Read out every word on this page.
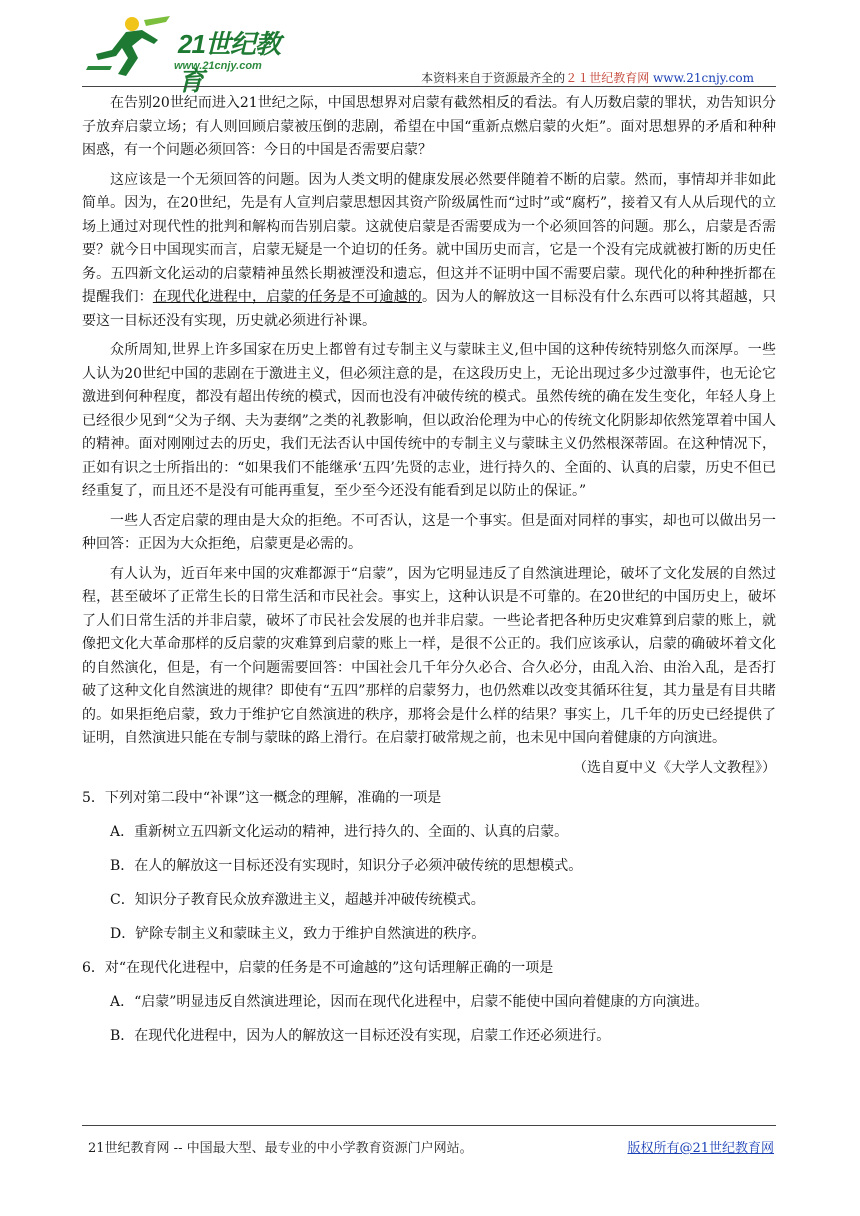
21世纪教育
www.21cnjy.com
本资料来自于资源最齐全的２１世纪教育网 www.21cnjy.com

在告别20世纪而进入21世纪之际，中国思想界对启蒙有截然相反的看法。有人历数启蒙的罪状，劝告知识分子放弃启蒙立场；有人则回顾启蒙被压倒的悲剧，希望在中国“重新点燃启蒙的火炬”。面对思想界的矛盾和种种困惑，有一个问题必须回答：今日的中国是否需要启蒙？

这应该是一个无须回答的问题。因为人类文明的健康发展必然要伴随着不断的启蒙。然而，事情却并非如此简单。因为，在20世纪，先是有人宣判启蒙思想因其资产阶级属性而“过时”或“腐朽”，接着又有人从后现代的立场上通过对现代性的批判和解构而告别启蒙。这就使启蒙是否需要成为一个必须回答的问题。那么，启蒙是否需要？就今日中国现实而言，启蒙无疑是一个迫切的任务。就中国历史而言，它是一个没有完成就被打断的历史任务。五四新文化运动的启蒙精神虽然长期被湮没和遗忘，但这并不证明中国不需要启蒙。现代化的种种挫折都在提醒我们：在现代化进程中，启蒙的任务是不可逾越的。因为人的解放这一目标没有什么东西可以将其超越，只要这一目标还没有实现，历史就必须进行补课。

众所周知,世界上许多国家在历史上都曾有过专制主义与蒙昧主义,但中国的这种传统特别悠久而深厚。一些人认为20世纪中国的悲剧在于激进主义，但必须注意的是，在这段历史上，无论出现过多少过激事件，也无论它激进到何种程度，都没有超出传统的模式，因而也没有冲破传统的模式。虽然传统的确在发生变化，年轻人身上已经很少见到“父为子纲、夫为妻纲”之类的礼教影响，但以政治伦理为中心的传统文化阴影却依然笼罩着中国人的精神。面对刚刚过去的历史，我们无法否认中国传统中的专制主义与蒙昧主义仍然根深蒂固。在这种情况下，正如有识之士所指出的：“如果我们不能继承‘五四’先贤的志业，进行持久的、全面的、认真的启蒙，历史不但已经重复了，而且还不是没有可能再重复，至少至今还没有能看到足以防止的保证。”

一些人否定启蒙的理由是大众的拒绝。不可否认，这是一个事实。但是面对同样的事实，却也可以做出另一种回答：正因为大众拒绝，启蒙更是必需的。

有人认为，近百年来中国的灾难都源于“启蒙”，因为它明显违反了自然演进理论，破坏了文化发展的自然过程，甚至破坏了正常生长的日常生活和市民社会。事实上，这种认识是不可靠的。在20世纪的中国历史上，破坏了人们日常生活的并非启蒙，破坏了市民社会发展的也并非启蒙。一些论者把各种历史灾难算到启蒙的账上，就像把文化大革命那样的反启蒙的灾难算到启蒙的账上一样，是很不公正的。我们应该承认，启蒙的确破坏着文化的自然演化，但是，有一个问题需要回答：中国社会几千年分久必合、合久必分，由乱入治、由治入乱，是否打破了这种文化自然演进的规律？即使有“五四”那样的启蒙努力，也仍然难以改变其循环往复，其力量是有目共睹的。如果拒绝启蒙，致力于维护它自然演进的秩序，那将会是什么样的结果？事实上，几千年的历史已经提供了证明，自然演进只能在专制与蒙昧的路上滑行。在启蒙打破常规之前，也未见中国向着健康的方向演进。

（选自夏中义《大学人文教程》）

5．下列对第二段中“补课”这一概念的理解，准确的一项是
A．重新树立五四新文化运动的精神，进行持久的、全面的、认真的启蒙。
B．在人的解放这一目标还没有实现时，知识分子必须冲破传统的思想模式。
C．知识分子教育民众放弃激进主义，超越并冲破传统模式。
D．铲除专制主义和蒙昧主义，致力于维护自然演进的秩序。
6．对“在现代化进程中，启蒙的任务是不可逾越的”这句话理解正确的一项是
A．“启蒙”明显违反自然演进理论，因而在现代化进程中，启蒙不能使中国向着健康的方向演进。
B．在现代化进程中，因为人的解放这一目标还没有实现，启蒙工作还必须进行。
21世纪教育网 -- 中国最大型、最专业的中小学教育资源门户网站。	版权所有@21世纪教育网
